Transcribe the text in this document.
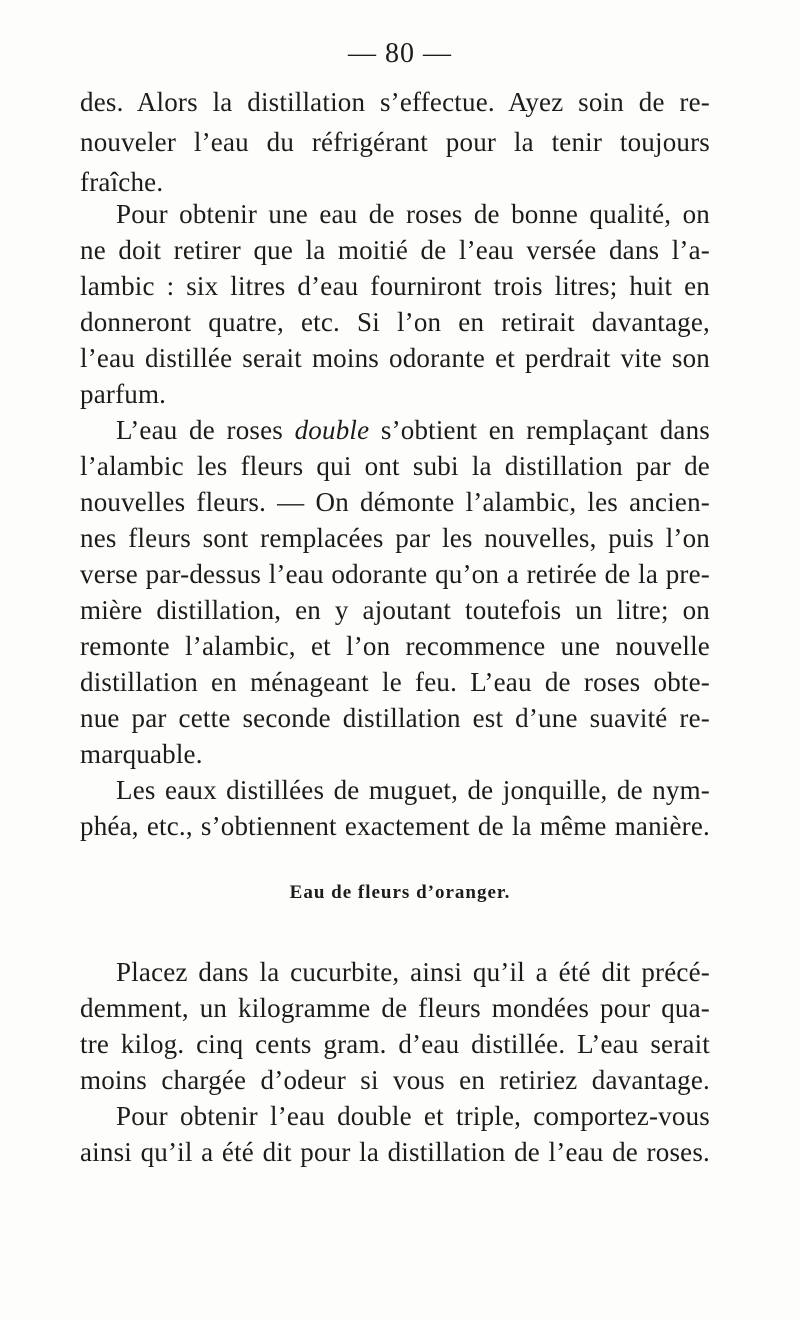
— 80 —
des. Alors la distillation s’effectue. Ayez soin de re-
nouveler l’eau du réfrigérant pour la tenir toujours
fraîche.
Pour obtenir une eau de roses de bonne qualité, on
ne doit retirer que la moitié de l’eau versée dans l’a-
lambic : six litres d’eau fourniront trois litres; huit en
donneront quatre, etc. Si l’on en retirait davantage,
l’eau distillée serait moins odorante et perdrait vite son
parfum.
L’eau de roses double s’obtient en remplaçant dans
l’alambic les fleurs qui ont subi la distillation par de
nouvelles fleurs. — On démonte l’alambic, les ancien-
nes fleurs sont remplacées par les nouvelles, puis l’on
verse par-dessus l’eau odorante qu’on a retirée de la pre-
mière distillation, en y ajoutant toutefois un litre; on
remonte l’alambic, et l’on recommence une nouvelle
distillation en ménageant le feu. L’eau de roses obte-
nue par cette seconde distillation est d’une suavité re-
marquable.
Les eaux distillées de muguet, de jonquille, de nym-
phéa, etc., s’obtiennent exactement de la même manière.
Eau de fleurs d’oranger.
Placez dans la cucurbite, ainsi qu’il a été dit précé-
demment, un kilogramme de fleurs mondées pour qua-
tre kilog. cinq cents gram. d’eau distillée. L’eau serait
moins chargée d’odeur si vous en retiriez davantage.
Pour obtenir l’eau double et triple, comportez-vous
ainsi qu’il a été dit pour la distillation de l’eau de roses.
